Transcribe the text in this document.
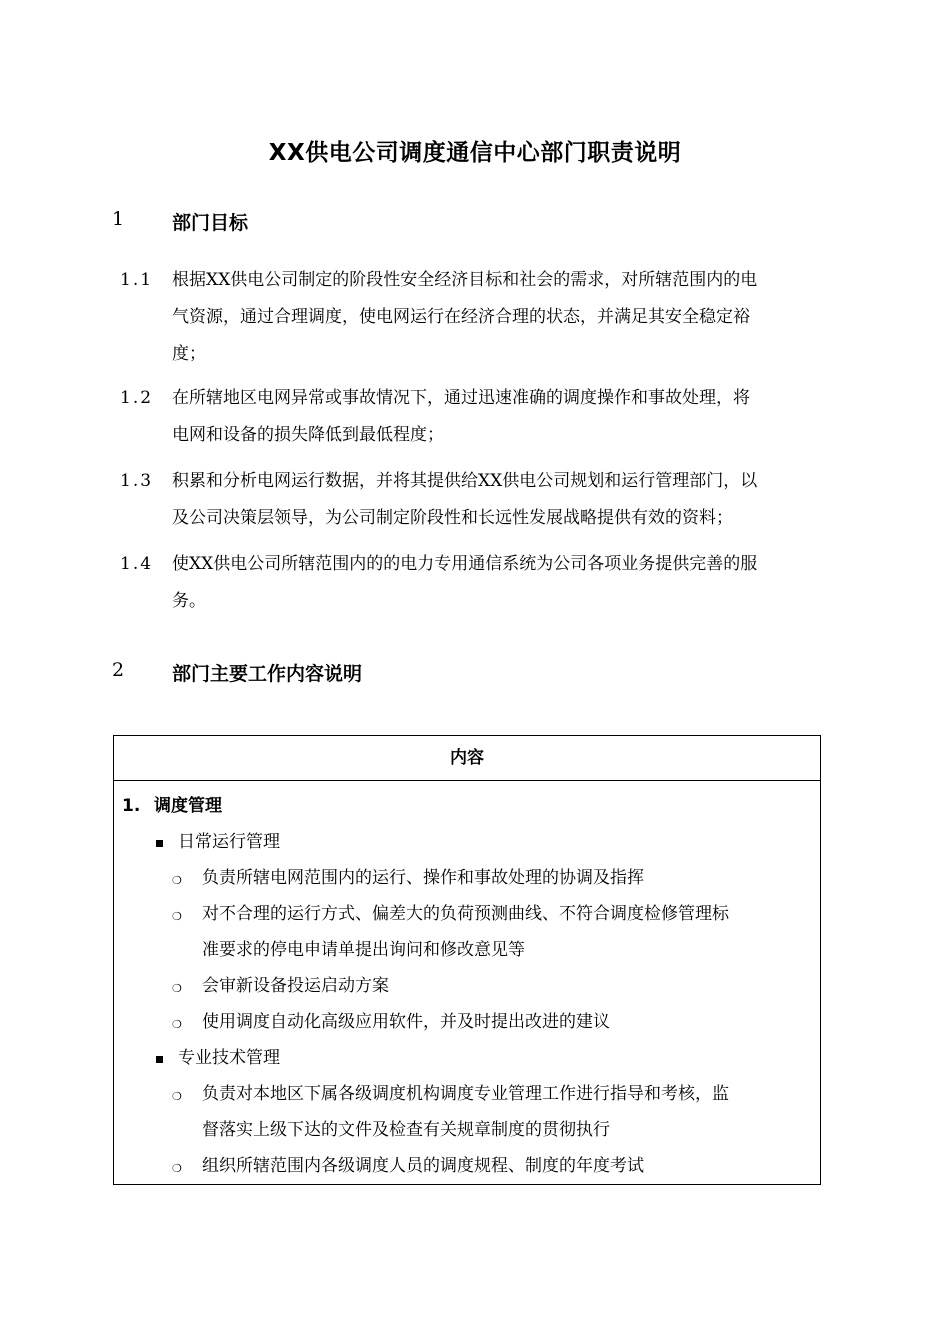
XX供电公司调度通信中心部门职责说明
1	部门目标
1.1	根据XX供电公司制定的阶段性安全经济目标和社会的需求，对所辖范围内的电
气资源，通过合理调度，使电网运行在经济合理的状态，并满足其安全稳定裕
度；
1.2	在所辖地区电网异常或事故情况下，通过迅速准确的调度操作和事故处理，将
电网和设备的损失降低到最低程度；
1.3	积累和分析电网运行数据，并将其提供给XX供电公司规划和运行管理部门，以
及公司决策层领导，为公司制定阶段性和长远性发展战略提供有效的资料；
1.4	使XX供电公司所辖范围内的的电力专用通信系统为公司各项业务提供完善的服
务。
2	部门主要工作内容说明
内容
1. 调度管理
日常运行管理
❍ 负责所辖电网范围内的运行、操作和事故处理的协调及指挥
❍ 对不合理的运行方式、偏差大的负荷预测曲线、不符合调度检修管理标
准要求的停电申请单提出询问和修改意见等
❍ 会审新设备投运启动方案
❍ 使用调度自动化高级应用软件，并及时提出改进的建议
专业技术管理
❍ 负责对本地区下属各级调度机构调度专业管理工作进行指导和考核，监
督落实上级下达的文件及检查有关规章制度的贯彻执行
❍ 组织所辖范围内各级调度人员的调度规程、制度的年度考试
